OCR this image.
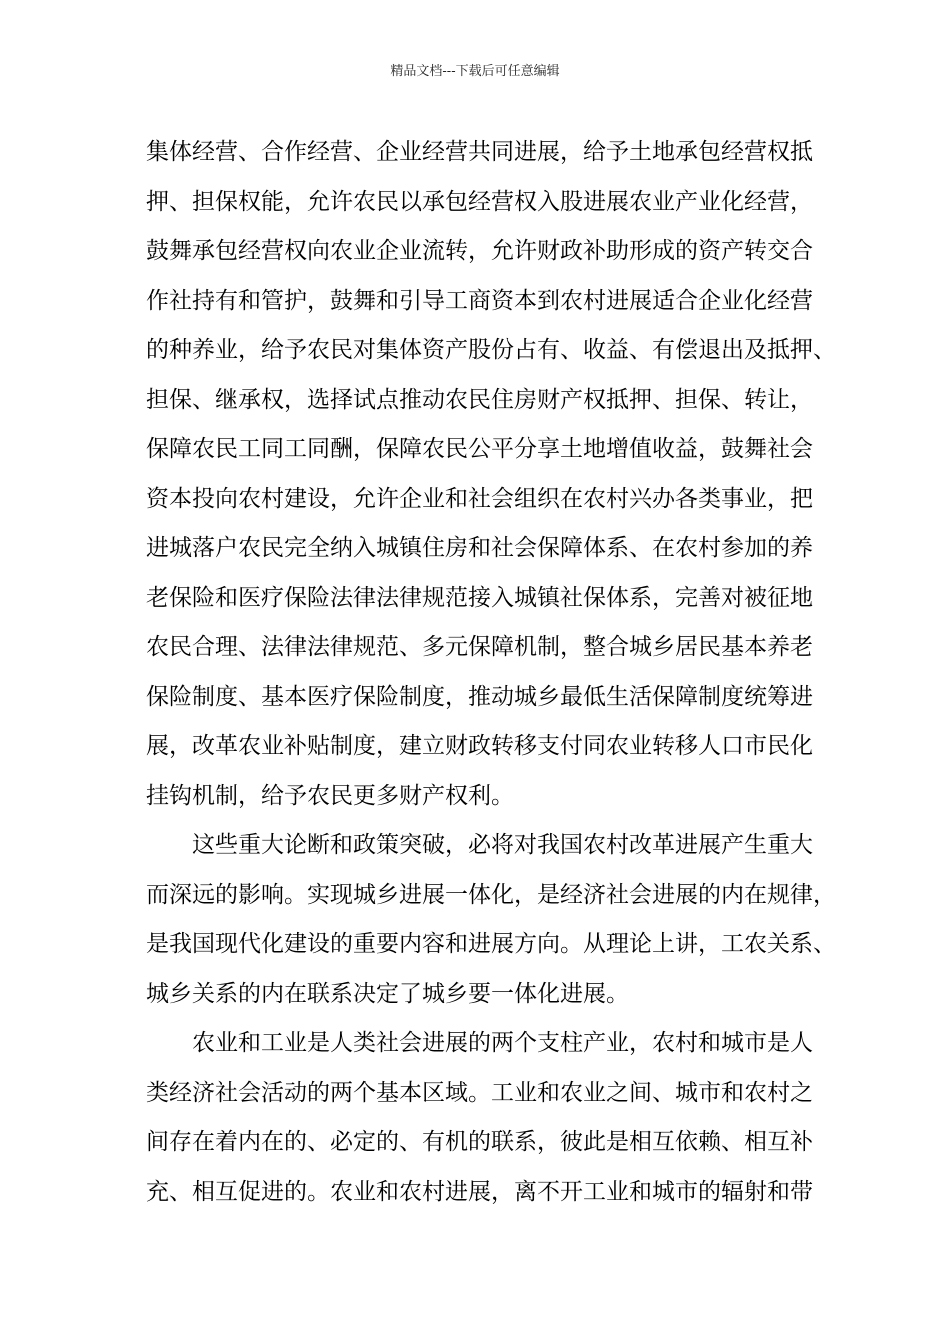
精品文档---下载后可任意编辑
集体经营、合作经营、企业经营共同进展，给予土地承包经营权抵
押、担保权能，允许农民以承包经营权入股进展农业产业化经营，
鼓舞承包经营权向农业企业流转，允许财政补助形成的资产转交合
作社持有和管护，鼓舞和引导工商资本到农村进展适合企业化经营
的种养业，给予农民对集体资产股份占有、收益、有偿退出及抵押、
担保、继承权，选择试点推动农民住房财产权抵押、担保、转让，
保障农民工同工同酬，保障农民公平分享土地增值收益，鼓舞社会
资本投向农村建设，允许企业和社会组织在农村兴办各类事业，把
进城落户农民完全纳入城镇住房和社会保障体系、在农村参加的养
老保险和医疗保险法律法律规范接入城镇社保体系，完善对被征地
农民合理、法律法律规范、多元保障机制，整合城乡居民基本养老
保险制度、基本医疗保险制度，推动城乡最低生活保障制度统筹进
展，改革农业补贴制度，建立财政转移支付同农业转移人口市民化
挂钩机制，给予农民更多财产权利。
这些重大论断和政策突破，必将对我国农村改革进展产生重大
而深远的影响。实现城乡进展一体化，是经济社会进展的内在规律，
是我国现代化建设的重要内容和进展方向。从理论上讲，工农关系、
城乡关系的内在联系决定了城乡要一体化进展。
农业和工业是人类社会进展的两个支柱产业，农村和城市是人
类经济社会活动的两个基本区域。工业和农业之间、城市和农村之
间存在着内在的、必定的、有机的联系，彼此是相互依赖、相互补
充、相互促进的。农业和农村进展，离不开工业和城市的辐射和带
